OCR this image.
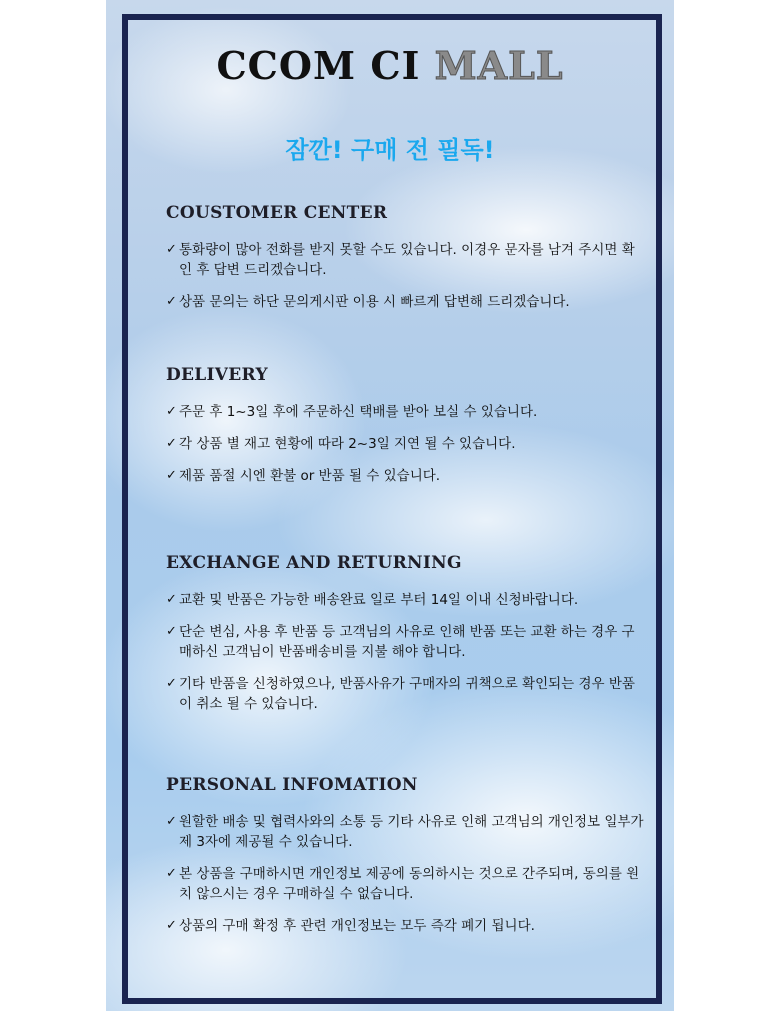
CCOM CI MALL
잠깐! 구매 전 필독!
COUSTOMER CENTER
✓ 통화량이 많아 전화를 받지 못할 수도 있습니다. 이경우 문자를 남겨 주시면 확인 후 답변 드리겠습니다.
✓ 상품 문의는 하단 문의게시판 이용 시 빠르게 답변해 드리겠습니다.
DELIVERY
✓ 주문 후 1~3일 후에 주문하신 택배를 받아 보실 수 있습니다.
✓ 각 상품 별 재고 현황에 따라 2~3일 지연 될 수 있습니다.
✓ 제품 품절 시엔 환불 or 반품 될 수 있습니다.
EXCHANGE AND RETURNING
✓ 교환 및 반품은 가능한 배송완료 일로 부터 14일 이내 신청바랍니다.
✓ 단순 변심, 사용 후 반품 등 고객님의 사유로 인해 반품 또는 교환 하는 경우 구매하신 고객님이 반품배송비를 지불 해야 합니다.
✓ 기타 반품을 신청하였으나, 반품사유가 구매자의 귀책으로 확인되는 경우 반품이 취소 될 수 있습니다.
PERSONAL INFOMATION
✓ 원할한 배송 및 협력사와의 소통 등 기타 사유로 인해 고객님의 개인정보 일부가 제 3자에 제공될 수 있습니다.
✓ 본 상품을 구매하시면 개인정보 제공에 동의하시는 것으로 간주되며, 동의를 원치 않으시는 경우 구매하실 수 없습니다.
✓ 상품의 구매 확정 후 관련 개인정보는 모두 즉각 폐기 됩니다.
